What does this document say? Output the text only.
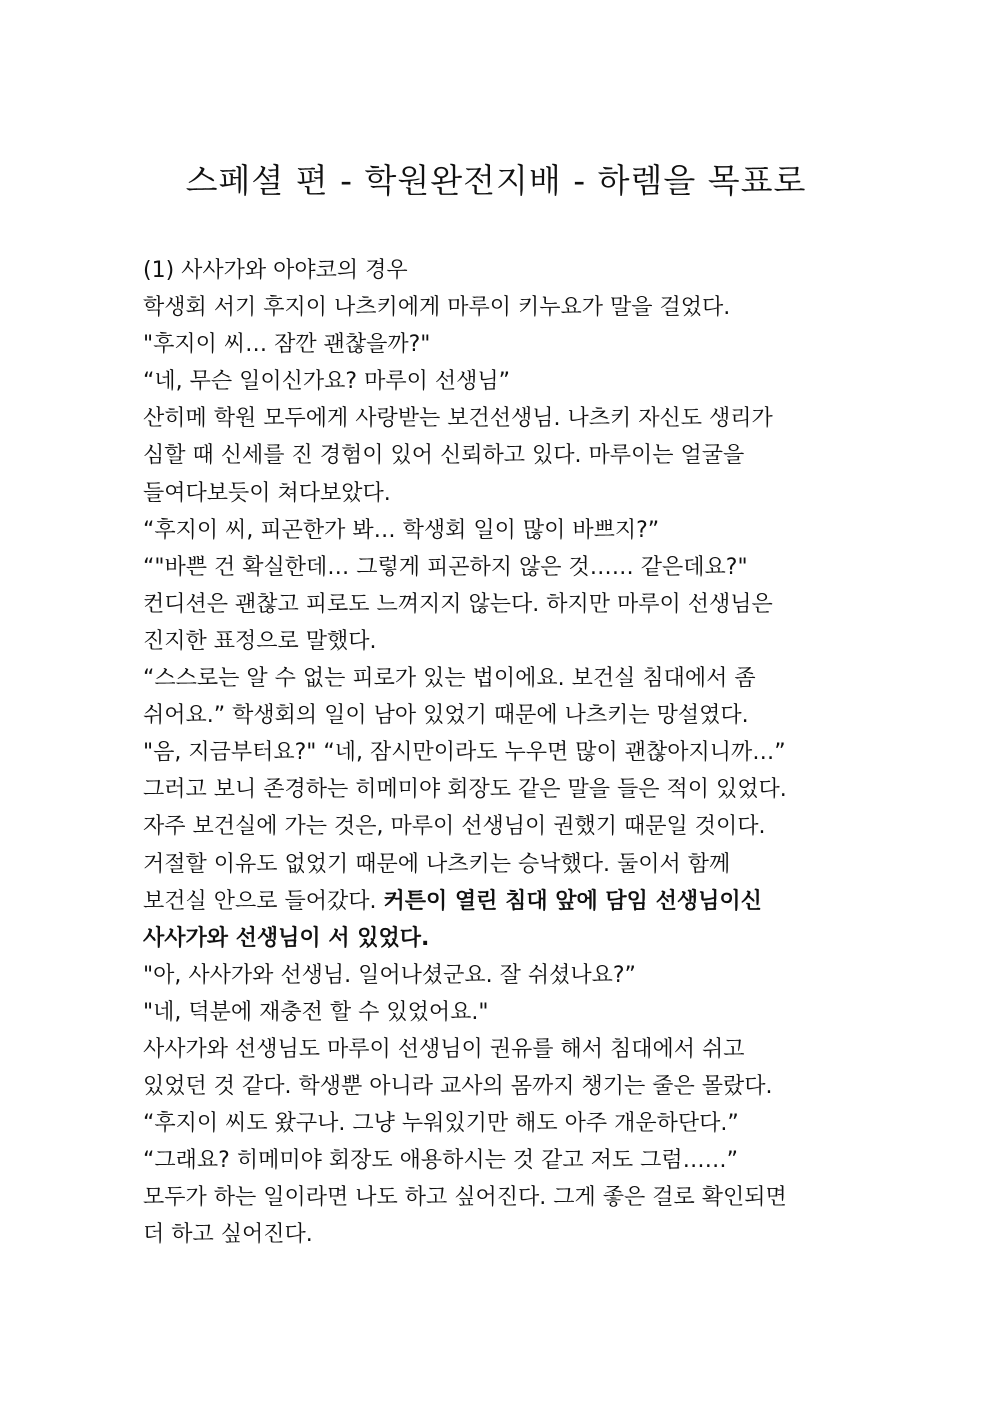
스페셜 편 - 학원완전지배 - 하렘을 목표로
(1) 사사가와 아야코의 경우
학생회 서기 후지이 나츠키에게 마루이 키누요가 말을 걸었다.
"후지이 씨… 잠깐 괜찮을까?"
“네, 무슨 일이신가요? 마루이 선생님”
산히메 학원 모두에게 사랑받는 보건선생님. 나츠키 자신도 생리가
심할 때 신세를 진 경험이 있어 신뢰하고 있다. 마루이는 얼굴을
들여다보듯이 쳐다보았다.
“후지이 씨, 피곤한가 봐… 학생회 일이 많이 바쁘지?”
“"바쁜 건 확실한데… 그렇게 피곤하지 않은 것…… 같은데요?"
컨디션은 괜찮고 피로도 느껴지지 않는다. 하지만 마루이 선생님은
진지한 표정으로 말했다.
“스스로는 알 수 없는 피로가 있는 법이에요. 보건실 침대에서 좀
쉬어요.” 학생회의 일이 남아 있었기 때문에 나츠키는 망설였다.
"음, 지금부터요?" “네, 잠시만이라도 누우면 많이 괜찮아지니까…”
그러고 보니 존경하는 히메미야 회장도 같은 말을 들은 적이 있었다.
자주 보건실에 가는 것은, 마루이 선생님이 권했기 때문일 것이다.
거절할 이유도 없었기 때문에 나츠키는 승낙했다. 둘이서 함께
보건실 안으로 들어갔다. 커튼이 열린 침대 앞에 담임 선생님이신
사사가와 선생님이 서 있었다.
"아, 사사가와 선생님. 일어나셨군요. 잘 쉬셨나요?”
"네, 덕분에 재충전 할 수 있었어요."
사사가와 선생님도 마루이 선생님이 권유를 해서 침대에서 쉬고
있었던 것 같다. 학생뿐 아니라 교사의 몸까지 챙기는 줄은 몰랐다.
“후지이 씨도 왔구나. 그냥 누워있기만 해도 아주 개운하단다.”
“그래요? 히메미야 회장도 애용하시는 것 같고 저도 그럼……”
모두가 하는 일이라면 나도 하고 싶어진다. 그게 좋은 걸로 확인되면
더 하고 싶어진다.
